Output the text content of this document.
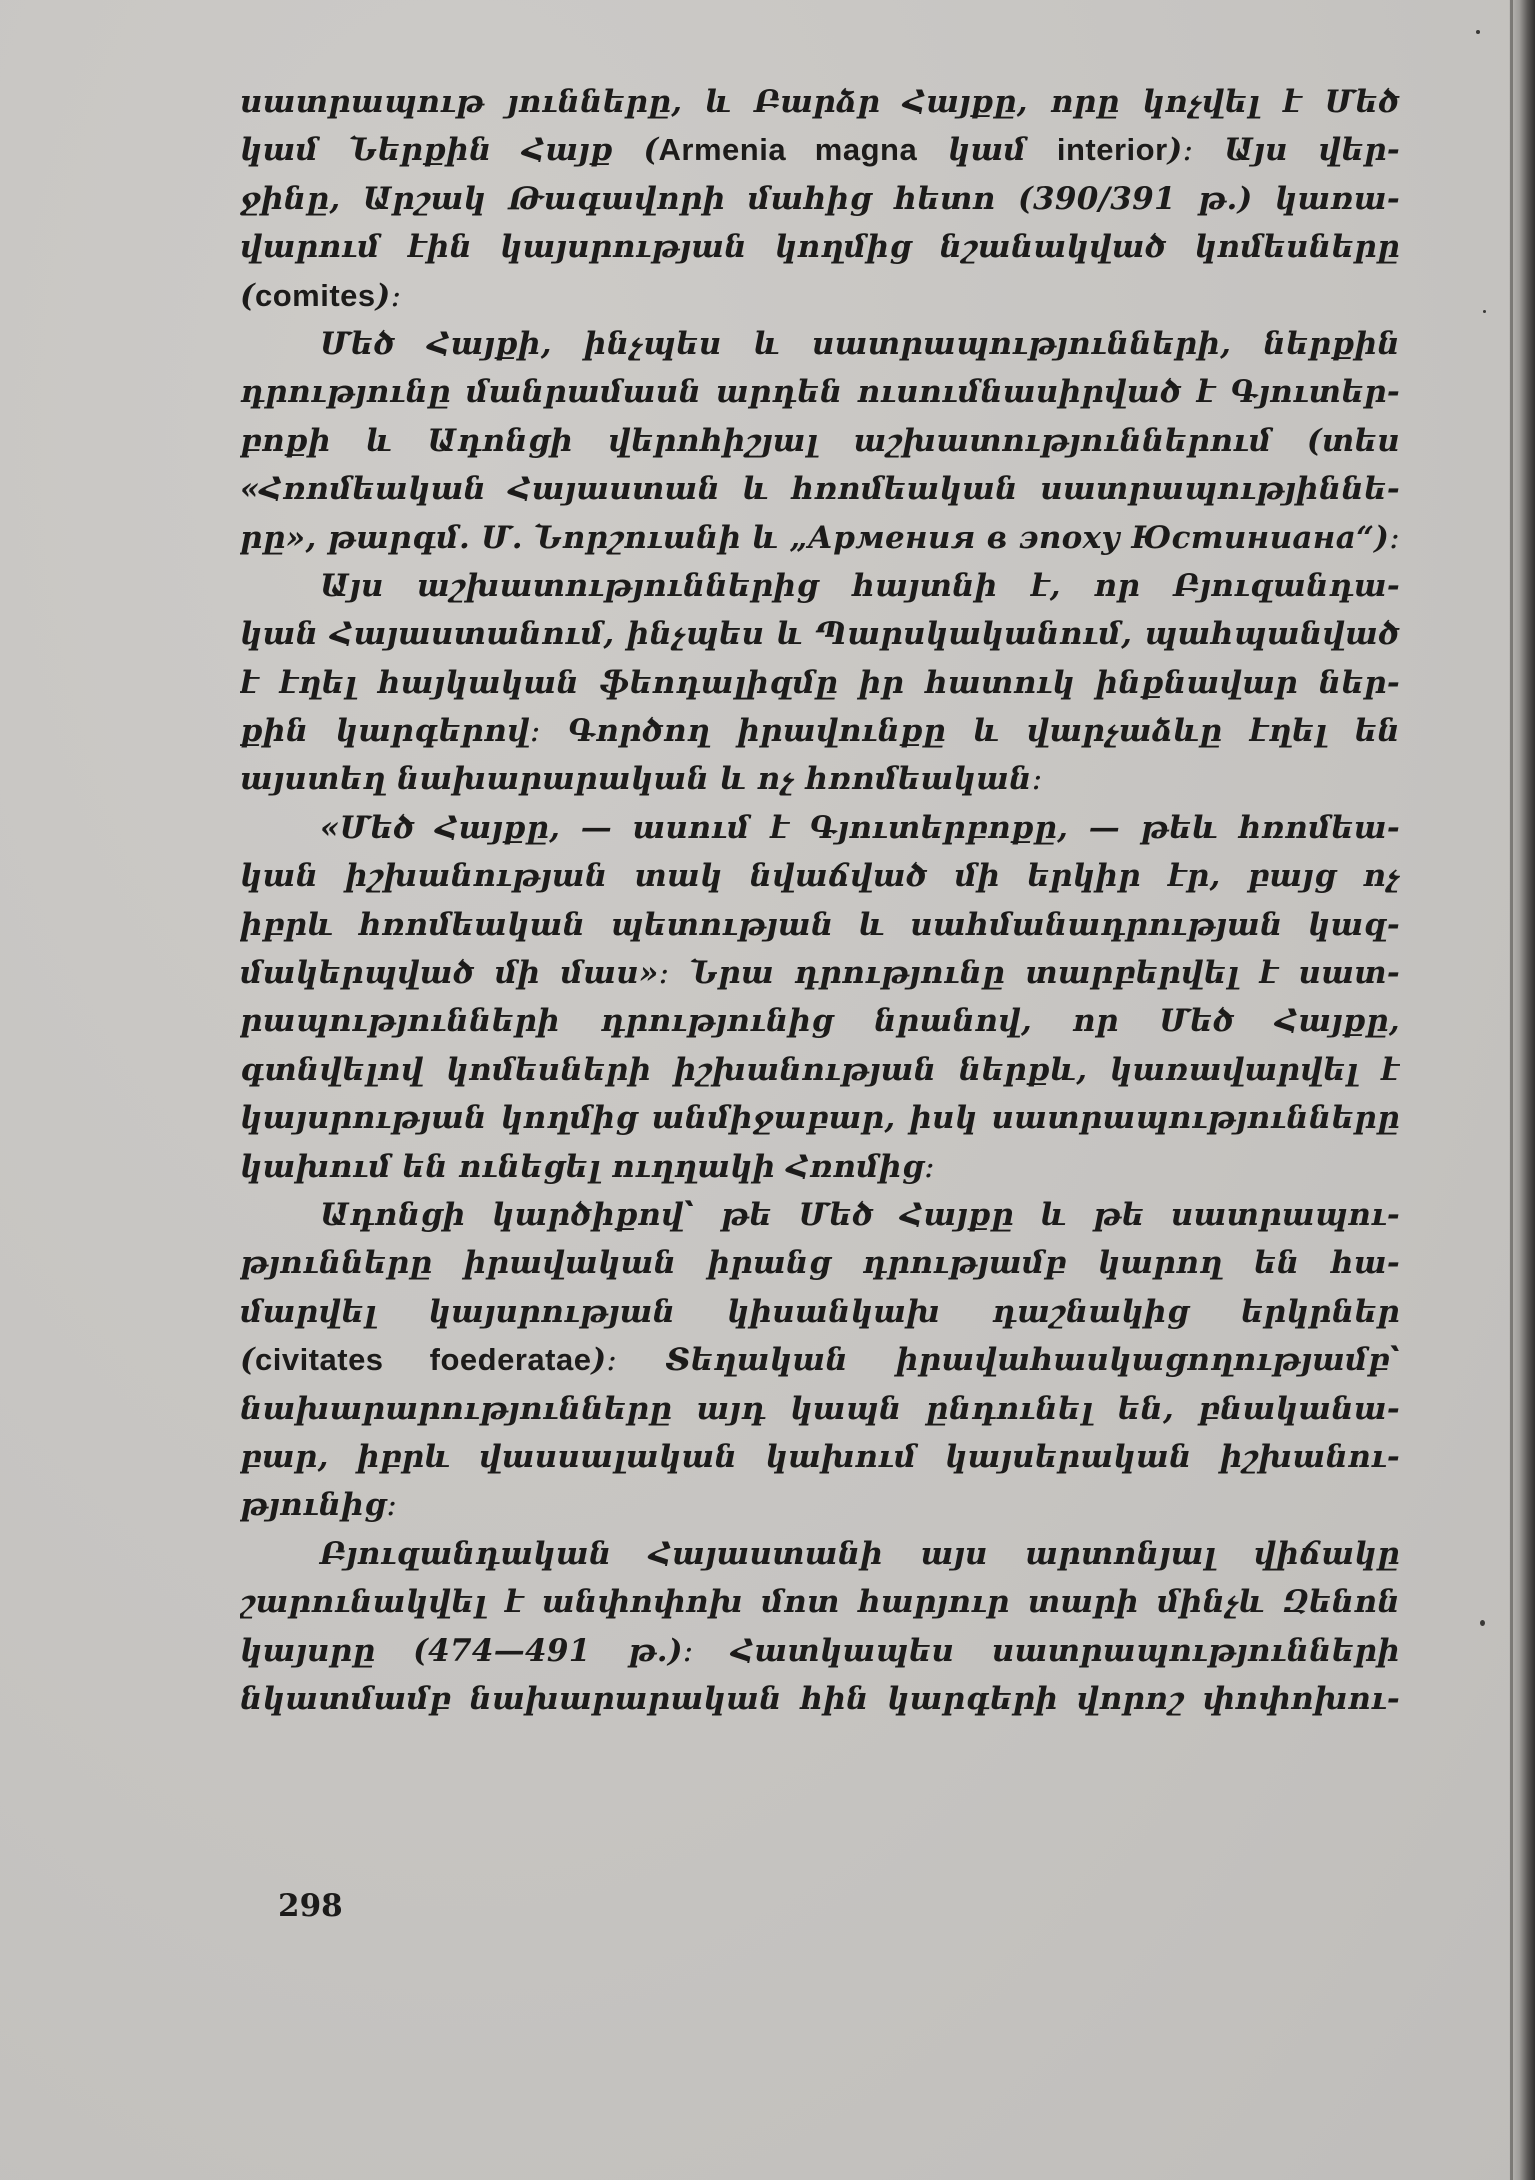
սատրապութ յունները, և Բարձր Հայքը, որը կոչվել է Մեծ
կամ Ներքին Հայք (Armenia magna կամ interior)։ Այս վեր-
ջինը, Արշակ Թագավորի մահից հետո (390/391 թ.) կառա-
վարում էին կայսրության կողմից նշանակված կոմեսները
(comites)։
Մեծ Հայքի, ինչպես և սատրապությունների, ներքին
դրությունը մանրամասն արդեն ուսումնասիրված է Գյուտեր-
բոքի և Ադոնցի վերոհիշյալ աշխատություններում (տես
«Հռոմեական Հայաստան և հռոմեական սատրապությիննե-
րը», թարգմ. Մ. Նորշուանի և „Армения в эпоху Юстиниана“)։
Այս աշխատություններից հայտնի է, որ Բյուզանդա-
կան Հայաստանում, ինչպես և Պարսկականում, պահպանված
է էղել հայկական ֆեոդալիզմը իր հատուկ ինքնավար ներ-
քին կարգերով։ Գործող իրավունքը և վարչաձևը էղել են
այստեղ նախարարական և ոչ հռոմեական։
«Մեծ Հայքը, — ասում է Գյուտերբոքը, — թեև հռոմեա-
կան իշխանության տակ նվաճված մի երկիր էր, բայց ոչ
իբրև հռոմեական պետության և սահմանադրության կազ-
մակերպված մի մաս»։ Նրա դրությունը տարբերվել է սատ-
րապությունների դրությունից նրանով, որ Մեծ Հայքը,
գտնվելով կոմեսների իշխանության ներքև, կառավարվել է
կայսրության կողմից անմիջաբար, իսկ սատրապությունները
կախում են ունեցել ուղղակի Հռոմից։
Ադոնցի կարծիքով՝ թե Մեծ Հայքը և թե սատրապու-
թյունները իրավական իրանց դրությամբ կարող են հա-
մարվել կայսրության կիսանկախ դաշնակից երկրներ
(civitates foederatae)։ Տեղական իրավահասկացողությամբ՝
նախարարությունները այդ կապն ընդունել են, բնականա-
բար, իբրև վասսալական կախում կայսերական իշխանու-
թյունից։
Բյուզանդական Հայաստանի այս արտոնյալ վիճակը
շարունակվել է անփոփոխ մոտ հարյուր տարի մինչև Զենոն
կայսրը (474—491 թ.)։ Հատկապես սատրապությունների
նկատմամբ նախարարական հին կարգերի վորոշ փոփոխու-
298
